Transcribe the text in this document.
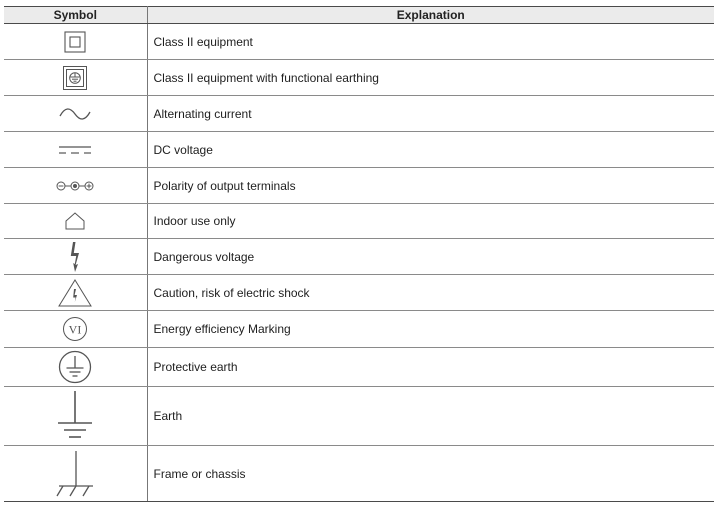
Symbol	Explanation

	Class II equipment

	Class II equipment with functional earthing

	Alternating current

	DC voltage

	Polarity of output terminals

	Indoor use only

	Dangerous voltage

	Caution, risk of electric shock

VI	Energy efficiency Marking

	Protective earth

	Earth

	Frame or chassis
